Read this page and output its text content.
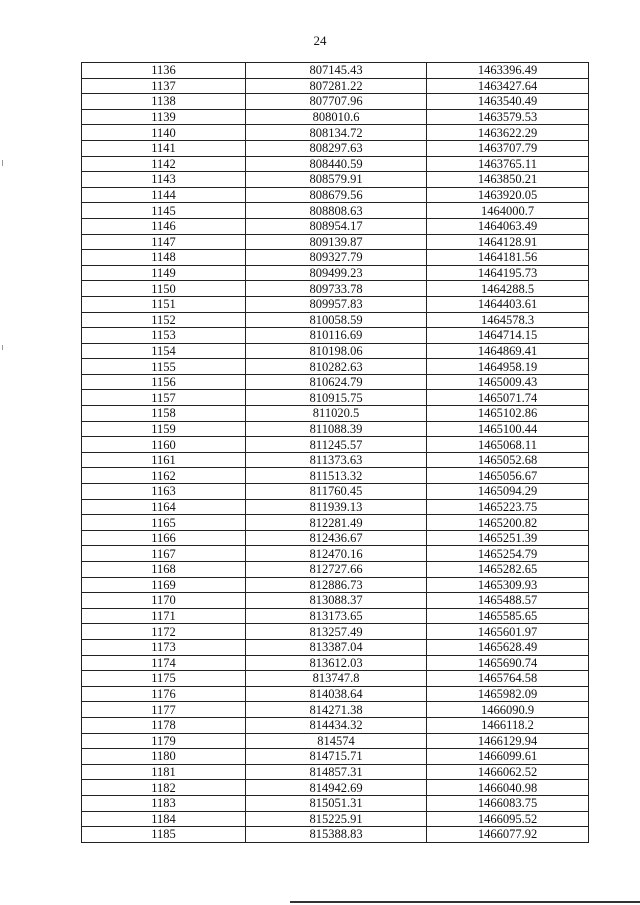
24
1136	807145.43	1463396.49
1137	807281.22	1463427.64
1138	807707.96	1463540.49
1139	808010.6	1463579.53
1140	808134.72	1463622.29
1141	808297.63	1463707.79
1142	808440.59	1463765.11
1143	808579.91	1463850.21
1144	808679.56	1463920.05
1145	808808.63	1464000.7
1146	808954.17	1464063.49
1147	809139.87	1464128.91
1148	809327.79	1464181.56
1149	809499.23	1464195.73
1150	809733.78	1464288.5
1151	809957.83	1464403.61
1152	810058.59	1464578.3
1153	810116.69	1464714.15
1154	810198.06	1464869.41
1155	810282.63	1464958.19
1156	810624.79	1465009.43
1157	810915.75	1465071.74
1158	811020.5	1465102.86
1159	811088.39	1465100.44
1160	811245.57	1465068.11
1161	811373.63	1465052.68
1162	811513.32	1465056.67
1163	811760.45	1465094.29
1164	811939.13	1465223.75
1165	812281.49	1465200.82
1166	812436.67	1465251.39
1167	812470.16	1465254.79
1168	812727.66	1465282.65
1169	812886.73	1465309.93
1170	813088.37	1465488.57
1171	813173.65	1465585.65
1172	813257.49	1465601.97
1173	813387.04	1465628.49
1174	813612.03	1465690.74
1175	813747.8	1465764.58
1176	814038.64	1465982.09
1177	814271.38	1466090.9
1178	814434.32	1466118.2
1179	814574	1466129.94
1180	814715.71	1466099.61
1181	814857.31	1466062.52
1182	814942.69	1466040.98
1183	815051.31	1466083.75
1184	815225.91	1466095.52
1185	815388.83	1466077.92
